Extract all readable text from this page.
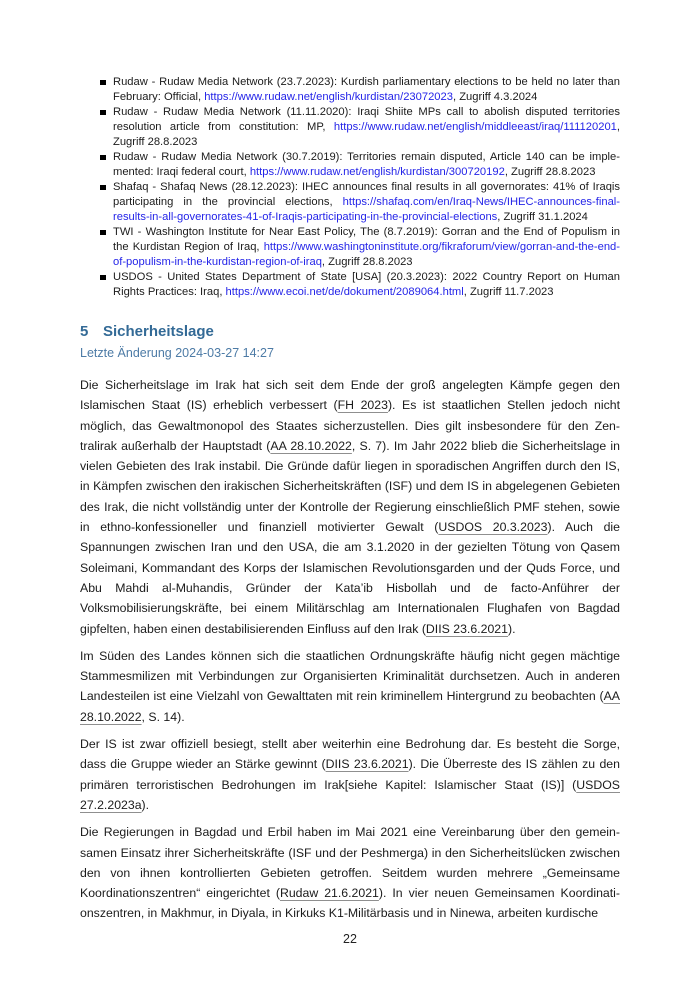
Rudaw - Rudaw Media Network (23.7.2023): Kurdish parliamentary elections to be held no later than February: Official, https://www.rudaw.net/english/kurdistan/23072023, Zugriff 4.3.2024
Rudaw - Rudaw Media Network (11.11.2020): Iraqi Shiite MPs call to abolish disputed territories resolution article from constitution: MP, https://www.rudaw.net/english/middleeast/iraq/111120201, Zugriff 28.8.2023
Rudaw - Rudaw Media Network (30.7.2019): Territories remain disputed, Article 140 can be implemented: Iraqi federal court, https://www.rudaw.net/english/kurdistan/300720192, Zugriff 28.8.2023
Shafaq - Shafaq News (28.12.2023): IHEC announces final results in all governorates: 41% of Iraqis participating in the provincial elections, https://shafaq.com/en/Iraq-News/IHEC-announces-final-results-in-all-governorates-41-of-Iraqis-participating-in-the-provincial-elections, Zugriff 31.1.2024
TWI - Washington Institute for Near East Policy, The (8.7.2019): Gorran and the End of Populism in the Kurdistan Region of Iraq, https://www.washingtoninstitute.org/fikraforum/view/gorran-and-the-end-of-populism-in-the-kurdistan-region-of-iraq, Zugriff 28.8.2023
USDOS - United States Department of State [USA] (20.3.2023): 2022 Country Report on Human Rights Practices: Iraq, https://www.ecoi.net/de/dokument/2089064.html, Zugriff 11.7.2023
5 Sicherheitslage
Letzte Änderung 2024-03-27 14:27

Die Sicherheitslage im Irak hat sich seit dem Ende der groß angelegten Kämpfe gegen den Islamischen Staat (IS) erheblich verbessert (FH 2023). Es ist staatlichen Stellen jedoch nicht möglich, das Gewaltmonopol des Staates sicherzustellen. Dies gilt insbesondere für den Zentralirak außerhalb der Hauptstadt (AA 28.10.2022, S. 7). Im Jahr 2022 blieb die Sicherheitslage in vielen Gebieten des Irak instabil. Die Gründe dafür liegen in sporadischen Angriffen durch den IS, in Kämpfen zwischen den irakischen Sicherheitskräften (ISF) und dem IS in abgelegenen Gebieten des Irak, die nicht vollständig unter der Kontrolle der Regierung einschließlich PMF stehen, sowie in ethno-konfessioneller und finanziell motivierter Gewalt (USDOS 20.3.2023). Auch die Spannungen zwischen Iran und den USA, die am 3.1.2020 in der gezielten Tötung von Qasem Soleimani, Kommandant des Korps der Islamischen Revolutionsgarden und der Quds Force, und Abu Mahdi al-Muhandis, Gründer der Kata’ib Hisbollah und de facto-Anführer der Volksmobilisierungskräfte, bei einem Militärschlag am Internationalen Flughafen von Bagdad gipfelten, haben einen destabilisierenden Einfluss auf den Irak (DIIS 23.6.2021).

Im Süden des Landes können sich die staatlichen Ordnungskräfte häufig nicht gegen mächtige Stammesmilizen mit Verbindungen zur Organisierten Kriminalität durchsetzen. Auch in anderen Landesteilen ist eine Vielzahl von Gewalttaten mit rein kriminellem Hintergrund zu beobachten (AA 28.10.2022, S. 14).

Der IS ist zwar offiziell besiegt, stellt aber weiterhin eine Bedrohung dar. Es besteht die Sorge, dass die Gruppe wieder an Stärke gewinnt (DIIS 23.6.2021). Die Überreste des IS zählen zu den primären terroristischen Bedrohungen im Irak[siehe Kapitel: Islamischer Staat (IS)] (USDOS 27.2.2023a).

Die Regierungen in Bagdad und Erbil haben im Mai 2021 eine Vereinbarung über den gemeinsamen Einsatz ihrer Sicherheitskräfte (ISF und der Peshmerga) in den Sicherheitslücken zwischen den von ihnen kontrollierten Gebieten getroffen. Seitdem wurden mehrere „Gemeinsame Koordinationszentren“ eingerichtet (Rudaw 21.6.2021). In vier neuen Gemeinsamen Koordinationszentren, in Makhmur, in Diyala, in Kirkuks K1-Militärbasis und in Ninewa, arbeiten kurdische

22
